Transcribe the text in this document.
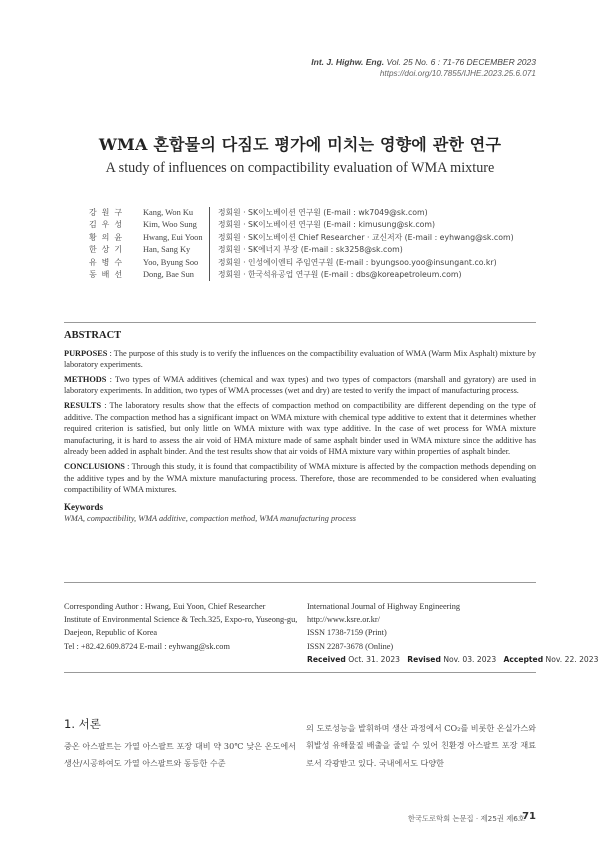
Int. J. Highw. Eng. Vol. 25 No. 6 : 71-76 DECEMBER 2023
https://doi.org/10.7855/IJHE.2023.25.6.071
WMA 혼합물의 다짐도 평가에 미치는 영향에 관한 연구
A study of influences on compactibility evaluation of WMA mixture
강 원 구	Kang, Won Ku	정회원 · SK이노베이션 연구원 (E-mail : wk7049@sk.com)
김 우 성	Kim, Woo Sung	정회원 · SK이노베이션 연구원 (E-mail : kimusung@sk.com)
황 의 윤	Hwang, Eui Yoon	정회원 · SK이노베이션 Chief Researcher · 교신저자 (E-mail : eyhwang@sk.com)
한 상 기	Han, Sang Ky	정회원 · SK에너지 부장 (E-mail : sk3258@sk.com)
유 병 수	Yoo, Byung Soo	정회원 · 인성에이엔티 주임연구원 (E-mail : byungsoo.yoo@insungant.co.kr)
동 배 선	Dong, Bae Sun	정회원 · 한국석유공업 연구원 (E-mail : dbs@koreapetroleum.com)
ABSTRACT

PURPOSES : The purpose of this study is to verify the influences on the compactibility evaluation of WMA (Warm Mix Asphalt) mixture by laboratory experiments.

METHODS : Two types of WMA additives (chemical and wax types) and two types of compactors (marshall and gyratory) are used in laboratory experiments. In addition, two types of WMA processes (wet and dry) are tested to verify the impact of manufacturing process.

RESULTS : The laboratory results show that the effects of compaction method on compactibility are different depending on the type of additive. The compaction method has a significant impact on WMA mixture with chemical type additive to extent that it determines whether required criterion is satisfied, but only little on WMA mixture with wax type additive. In the case of wet process for WMA mixture manufacturing, it is hard to assess the air void of HMA mixture made of same asphalt binder used in WMA mixture since the additive has already been added in asphalt binder. And the test results show that air voids of HMA mixture vary within properties of asphalt binder.

CONCLUSIONS : Through this study, it is found that compactibility of WMA mixture is affected by the compaction methods depending on the additive types and by the WMA mixture manufacturing process. Therefore, those are recommended to be considered when evaluating compactibility of WMA mixtures.

Keywords
WMA, compactibility, WMA additive, compaction method, WMA manufacturing process
Corresponding Author : Hwang, Eui Yoon, Chief Researcher
Institute of Environmental Science & Tech.325, Expo-ro, Yuseong-gu,
Daejeon, Republic of Korea
Tel : +82.42.609.8724 E-mail : eyhwang@sk.com
International Journal of Highway Engineering
http://www.ksre.or.kr/
ISSN 1738-7159 (Print)
ISSN 2287-3678 (Online)
Received Oct. 31. 2023 Revised Nov. 03. 2023 Accepted Nov. 22. 2023
1. 서론
중온 아스팔트는 가열 아스팔트 포장 대비 약 30℃ 낮은 온도에서 생산/시공하여도 가열 아스팔트와 동등한 수준
의 도로성능을 발휘하며 생산 과정에서 CO₂를 비롯한 온실가스와 휘발성 유해물질 배출을 줄일 수 있어 친환경 아스팔트 포장 재료로서 각광받고 있다. 국내에서도 다양한
한국도로학회 논문집 · 제25권 제6호
71
